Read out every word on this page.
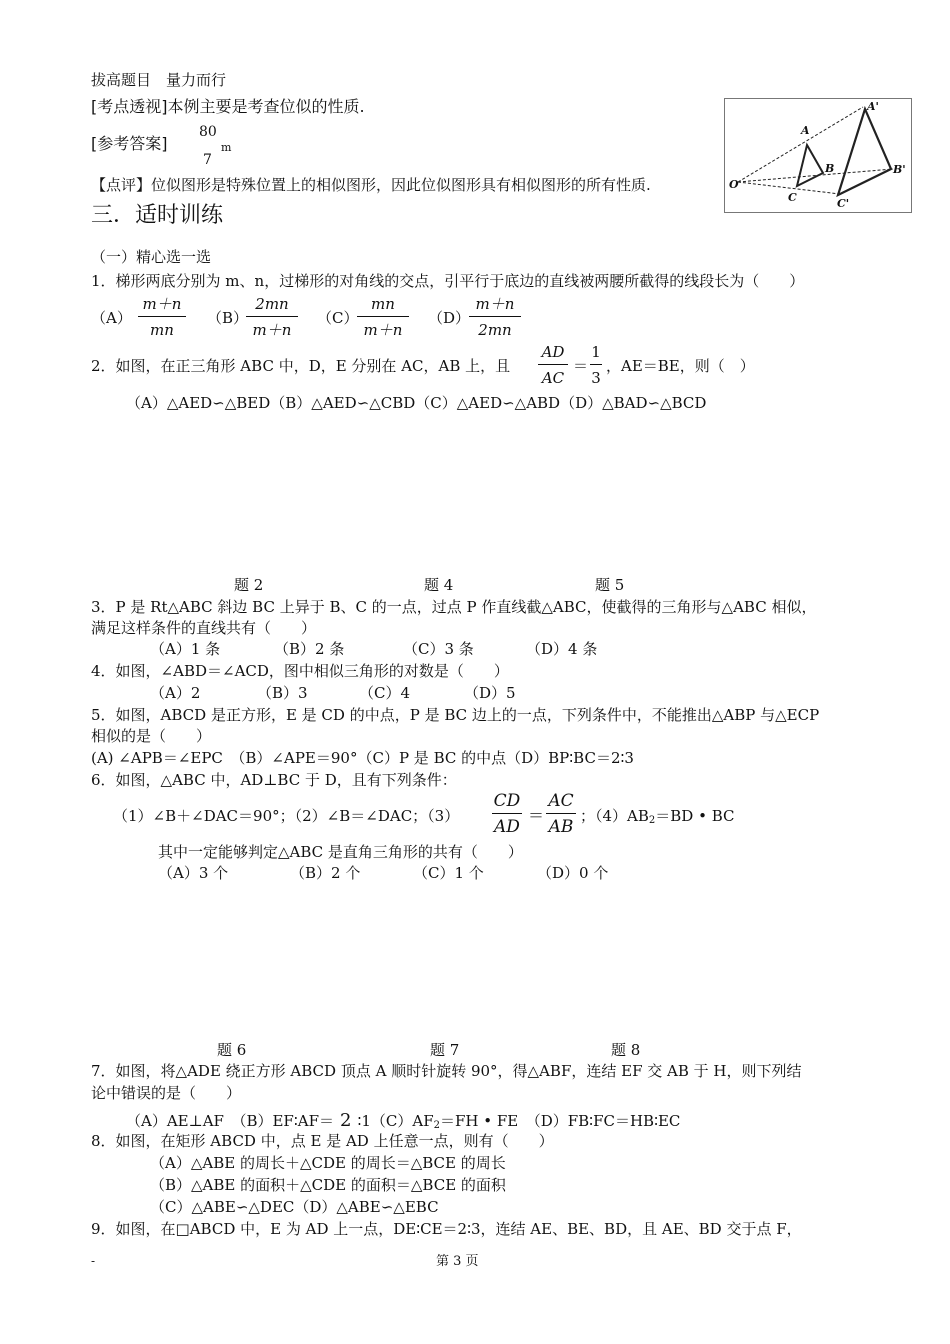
拔高题目　量力而行
[考点透视]本例主要是考查位似的性质.
[参考答案]
80
7
m
【点评】位似图形是特殊位置上的相似图形，因此位似图形具有相似图形的所有性质.
A'
A
B	B'
O
C	C'
三．适时训练
（一）精心选一选
1．梯形两底分别为 m、n，过梯形的对角线的交点，引平行于底边的直线被两腰所截得的线段长为（　　）
（A）
m＋n
mn
（B）
2mn
m＋n
（C）
mn
m＋n
（D）
m＋n
2mn
2．如图，在正三角形 ABC 中，D，E 分别在 AC，AB 上，且
AD
AC
＝
1
3
，AE＝BE，则（　）
（A）△AED∽△BED（B）△AED∽△CBD（C）△AED∽△ABD（D）△BAD∽△BCD
题 2	题 4	题 5
3．P 是 Rt△ABC 斜边 BC 上异于 B、C 的一点，过点 P 作直线截△ABC，使截得的三角形与△ABC 相似，
满足这样条件的直线共有（　　）
（A）1 条	（B）2 条	（C）3 条	（D）4 条
4．如图，∠ABD＝∠ACD，图中相似三角形的对数是（　　）
（A）2	（B）3	（C）4	（D）5
5．如图，ABCD 是正方形，E 是 CD 的中点，P 是 BC 边上的一点，下列条件中，不能推出△ABP 与△ECP
相似的是（　　）
(A) ∠APB＝∠EPC　（B）∠APE＝90°（C）P 是 BC 的中点（D）BP∶BC＝2∶3
6．如图，△ABC 中，AD⊥BC 于 D，且有下列条件：
（1）∠B＋∠DAC＝90°；（2）∠B＝∠DAC；（3）
CD
AD
＝
AC
AB
；（4）AB2＝BD • BC
其中一定能够判定△ABC 是直角三角形的共有（　　）
（A）3 个	（B）2 个	（C）1 个	（D）0 个
题 6	题 7	题 8
7．如图，将△ADE 绕正方形 ABCD 顶点 A 顺时针旋转 90°，得△ABF，连结 EF 交 AB 于 H，则下列结
论中错误的是（　　）
（A）AE⊥AF　（B）EF∶AF＝ 2 ∶1（C）AF2＝FH • FE　（D）FB∶FC＝HB∶EC
8．如图，在矩形 ABCD 中，点 E 是 AD 上任意一点，则有（　　）
（A）△ABE 的周长＋△CDE 的周长＝△BCE 的周长
（B）△ABE 的面积＋△CDE 的面积＝△BCE 的面积
（C）△ABE∽△DEC（D）△ABE∽△EBC
9．如图，在□ABCD 中，E 为 AD 上一点，DE∶CE＝2∶3，连结 AE、BE、BD，且 AE、BD 交于点 F，
-	第 3 页
